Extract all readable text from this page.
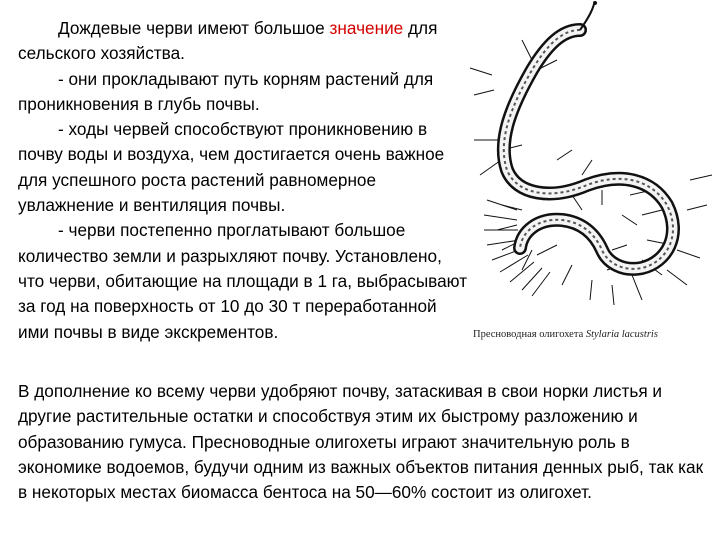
Дождевые черви имеют большое значение для сельского хозяйства.

- они прокладывают путь корням растений для проникновения в глубь почвы.

- ходы червей способствуют проникновению в почву воды и воздуха, чем достигается очень важное для успешного роста растений равномерное увлажнение и вентиляция почвы.

- черви постепенно проглатывают большое количество земли и разрыхляют почву. Установлено, что черви, обитающие на площади в 1 га, выбрасывают за год на поверхность от 10 до 30 т переработанной ими почвы в виде экскрементов.	Пресноводная олигохета Stylaria lacustris
В дополнение ко всему черви удобряют почву, затаскивая в свои норки листья и другие растительные остатки и способствуя этим их быстрому разложению и образованию гумуса. Пресноводные олигохеты играют значительную роль в экономике водоемов, будучи одним из важных объектов питания денных рыб, так как в некоторых местах биомасса бентоса на 50—60% состоит из олигохет.
